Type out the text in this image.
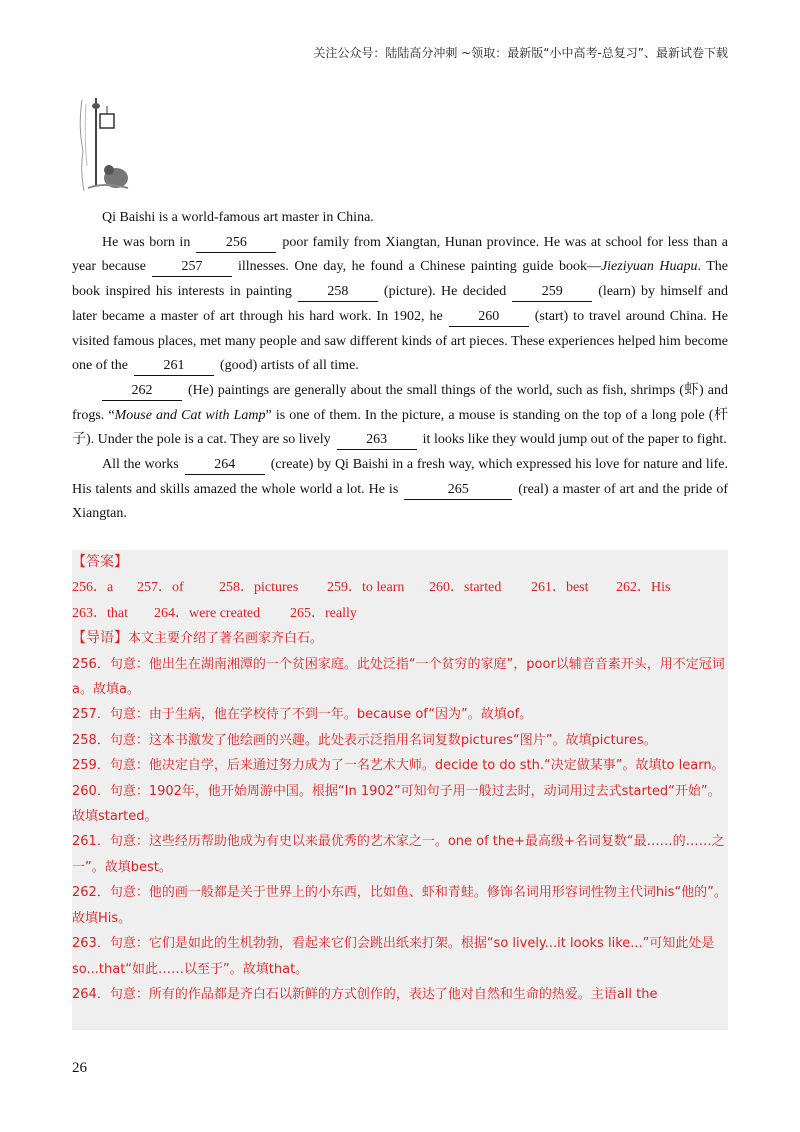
关注公众号：陆陆高分冲刺 ~领取：最新版“小中高考-总复习”、最新试卷下载

Qi Baishi is a world-famous art master in China.

He was born in	256	poor family from Xiangtan, Hunan province. He was at school for less than a year because	257	illnesses. One day, he found a Chinese painting guide book—Jieziyuan Huapu. The book inspired his interests in painting	258	(picture). He decided	259	(learn) by himself and later became a master of art through his hard work. In 1902, he	260	(start) to travel around China. He visited famous places, met many people and saw different kinds of art pieces. These experiences helped him become one of the	261	(good) artists of all time.

262	(He) paintings are generally about the small things of the world, such as fish, shrimps (虾) and frogs. “Mouse and Cat with Lamp” is one of them. In the picture, a mouse is standing on the top of a long pole (杆子). Under the pole is a cat. They are so lively	263	it looks like they would jump out of the paper to fight.

All the works	264	(create) by Qi Baishi in a fresh way, which expressed his love for nature and life. His talents and skills amazed the whole world a lot. He is	265	(real) a master of art and the pride of Xiangtan.

【答案】
256．a 257．of	258．pictures 259．to learn 260．started 261．best 262．His
263．that 264．were created 265．really
【导语】本文主要介绍了著名画家齐白石。
256．句意：他出生在湖南湘潭的一个贫困家庭。此处泛指“一个贫穷的家庭”，poor以辅音音素开头，用不定冠词a。故填a。
257．句意：由于生病，他在学校待了不到一年。because of“因为”。故填of。
258．句意：这本书激发了他绘画的兴趣。此处表示泛指用名词复数pictures“图片”。故填pictures。
259．句意：他决定自学，后来通过努力成为了一名艺术大师。decide to do sth.“决定做某事”。故填to learn。
260．句意：1902年，他开始周游中国。根据“In 1902”可知句子用一般过去时，动词用过去式started“开始”。故填started。
261．句意：这些经历帮助他成为有史以来最优秀的艺术家之一。one of the+最高级+名词复数“最……的……之一”。故填best。
262．句意：他的画一般都是关于世界上的小东西，比如鱼、虾和青蛙。修饰名词用形容词性物主代词his“他的”。故填His。
263．句意：它们是如此的生机勃勃，看起来它们会跳出纸来打架。根据“so lively...it looks like...”可知此处是so...that“如此……以至于”。故填that。
264．句意：所有的作品都是齐白石以新鲜的方式创作的，表达了他对自然和生命的热爱。主语all the
26
